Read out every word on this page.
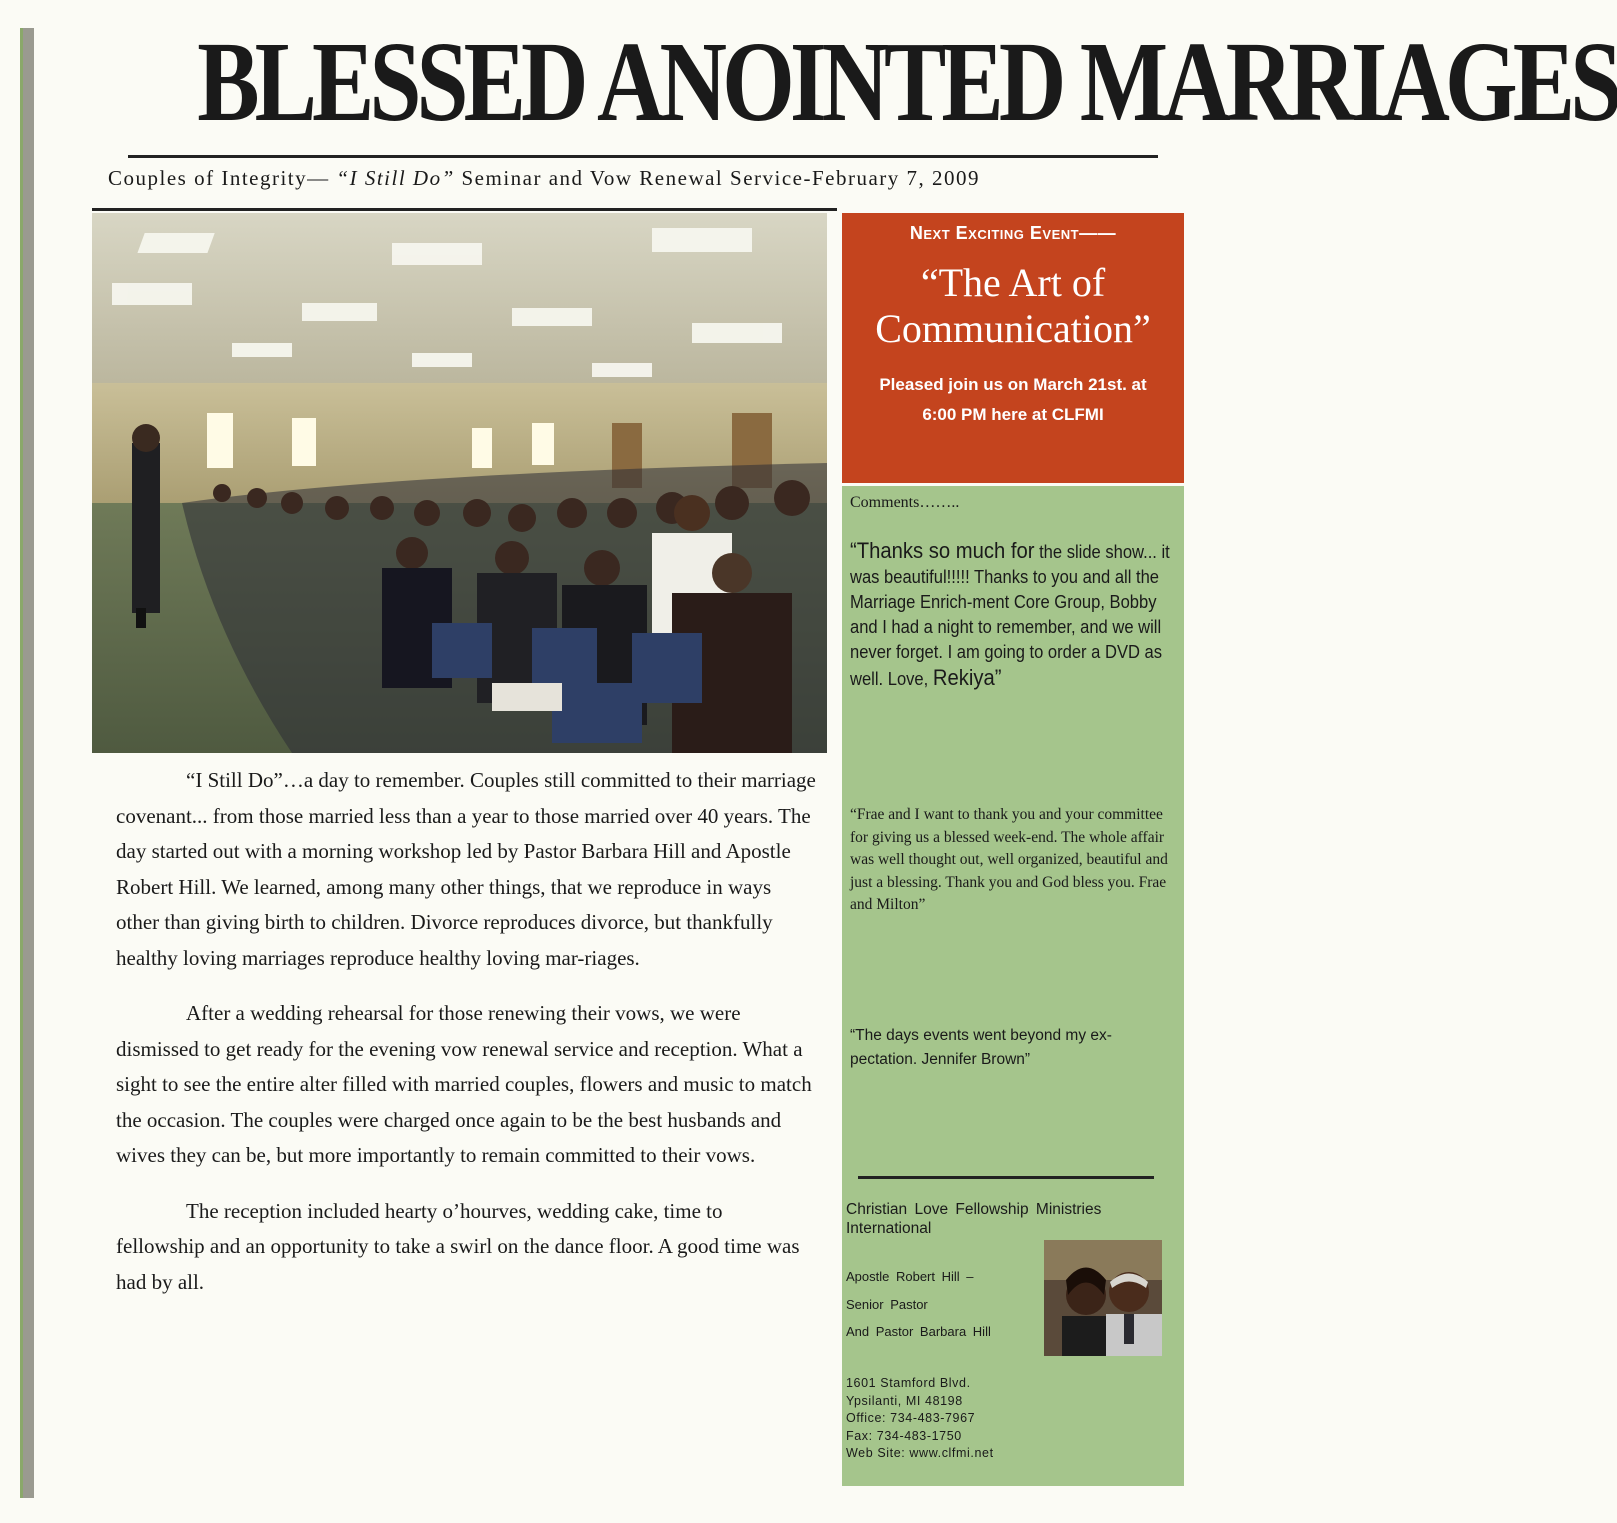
BLESSED ANOINTED MARRIAGES
Couples of Integrity— “I Still Do” Seminar and Vow Renewal Service-February 7, 2009

“I Still Do”…a day to remember. Couples still committed to their marriage covenant... from those married less than a year to those married over 40 years. The day started out with a morning workshop led by Pastor Barbara Hill and Apostle Robert Hill. We learned, among many other things, that we reproduce in ways other than giving birth to children. Divorce reproduces divorce, but thankfully healthy loving marriages reproduce healthy loving mar-riages.

After a wedding rehearsal for those renewing their vows, we were dismissed to get ready for the evening vow renewal service and reception. What a sight to see the entire alter filled with married couples, flowers and music to match the occasion. The couples were charged once again to be the best husbands and wives they can be, but more importantly to remain committed to their vows.

The reception included hearty o’hourves, wedding cake, time to fellowship and an opportunity to take a swirl on the dance floor. A good time was had by all.

Next Exciting Event——
“The Art of Communication”
Pleased join us on March 21st. at
6:00 PM here at CLFMI
Comments……..
“Thanks so much for the slide show... it was beautiful!!!!! Thanks to you and all the Marriage Enrich-ment Core Group, Bobby and I had a night to remember, and we will never forget. I am going to order a DVD as well. Love, Rekiya”
“Frae and I want to thank you and your committee for giving us a blessed week-end. The whole affair was well thought out, well organized, beautiful and just a blessing. Thank you and God bless you. Frae and Milton”
“The days events went beyond my ex-pectation. Jennifer Brown”
Christian Love Fellowship Ministries International
Apostle Robert Hill –
Senior Pastor
And Pastor Barbara Hill
1601 Stamford Blvd.
Ypsilanti, MI 48198
Office: 734-483-7967
Fax: 734-483-1750
Web Site: www.clfmi.net
